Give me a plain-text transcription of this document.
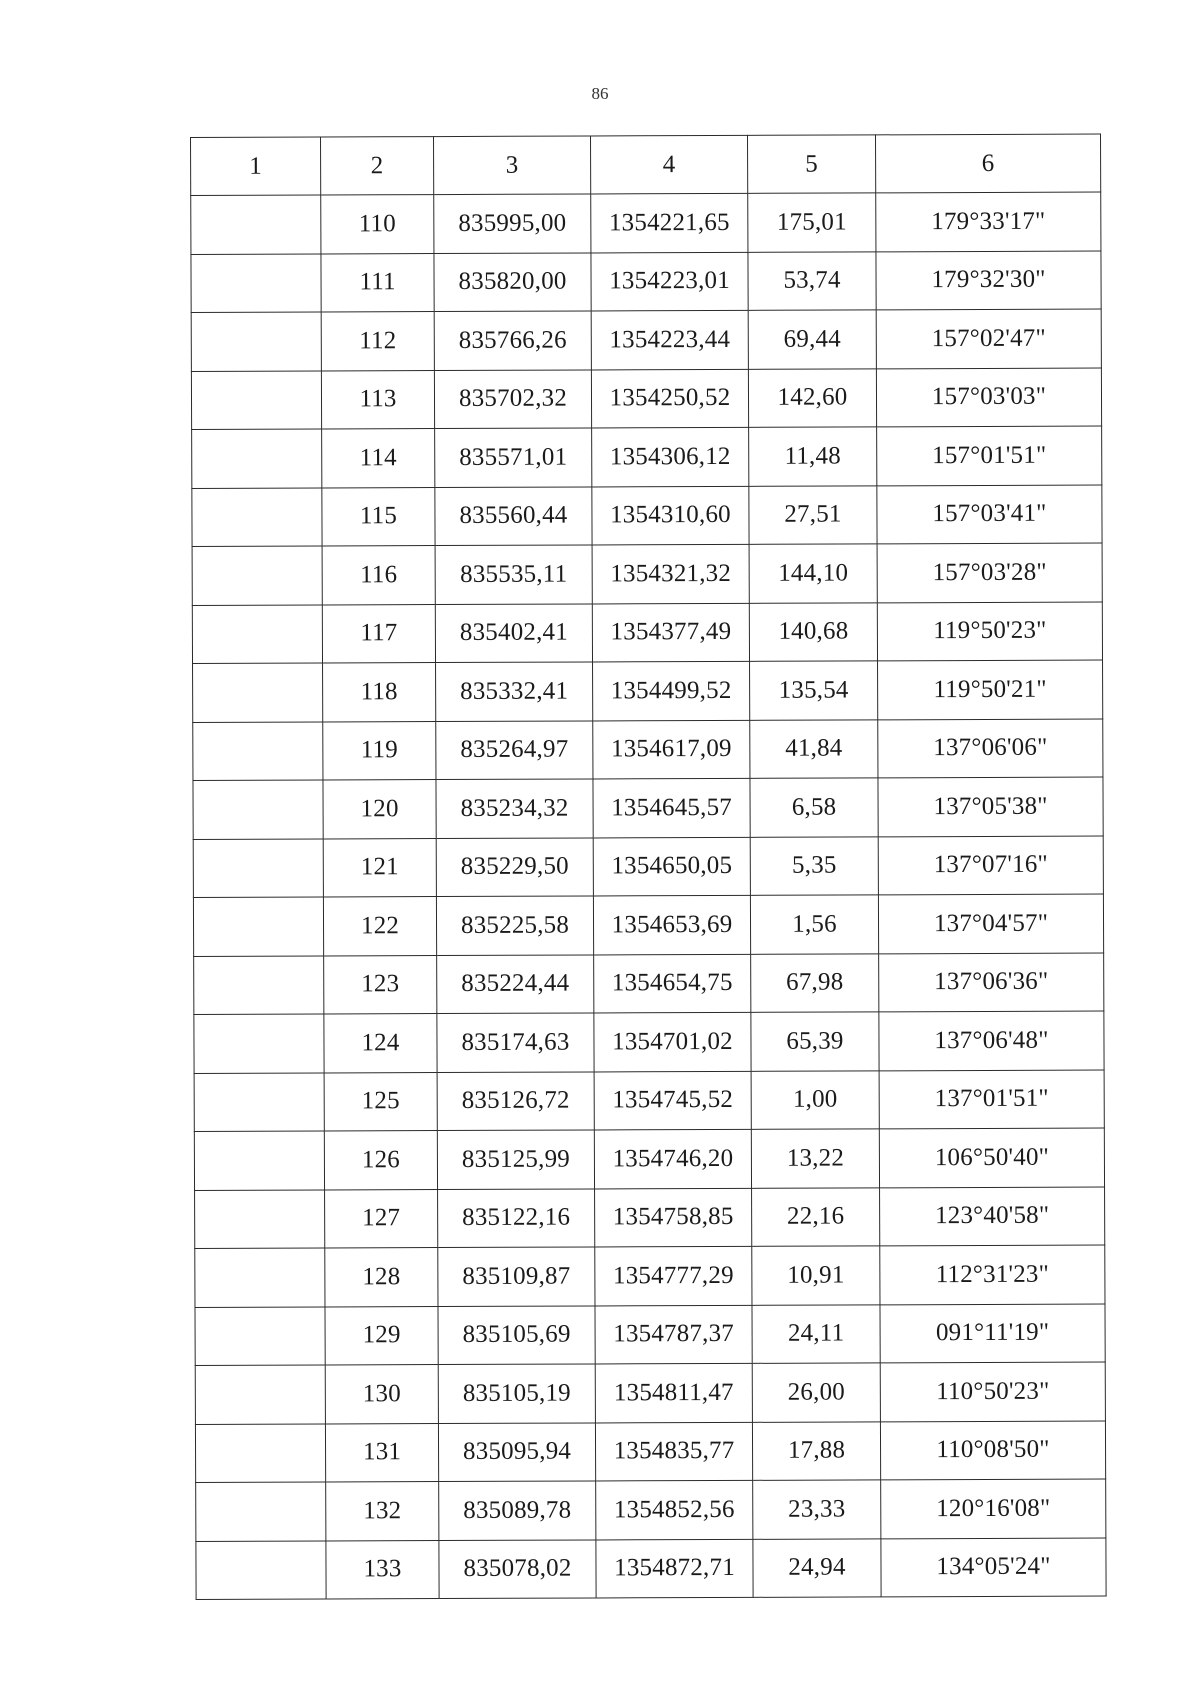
86
1	2	3	4	5	6
	110	835995,00	1354221,65	175,01	179°33'17"
	111	835820,00	1354223,01	53,74	179°32'30"
	112	835766,26	1354223,44	69,44	157°02'47"
	113	835702,32	1354250,52	142,60	157°03'03"
	114	835571,01	1354306,12	11,48	157°01'51"
	115	835560,44	1354310,60	27,51	157°03'41"
	116	835535,11	1354321,32	144,10	157°03'28"
	117	835402,41	1354377,49	140,68	119°50'23"
	118	835332,41	1354499,52	135,54	119°50'21"
	119	835264,97	1354617,09	41,84	137°06'06"
	120	835234,32	1354645,57	6,58	137°05'38"
	121	835229,50	1354650,05	5,35	137°07'16"
	122	835225,58	1354653,69	1,56	137°04'57"
	123	835224,44	1354654,75	67,98	137°06'36"
	124	835174,63	1354701,02	65,39	137°06'48"
	125	835126,72	1354745,52	1,00	137°01'51"
	126	835125,99	1354746,20	13,22	106°50'40"
	127	835122,16	1354758,85	22,16	123°40'58"
	128	835109,87	1354777,29	10,91	112°31'23"
	129	835105,69	1354787,37	24,11	091°11'19"
	130	835105,19	1354811,47	26,00	110°50'23"
	131	835095,94	1354835,77	17,88	110°08'50"
	132	835089,78	1354852,56	23,33	120°16'08"
	133	835078,02	1354872,71	24,94	134°05'24"
